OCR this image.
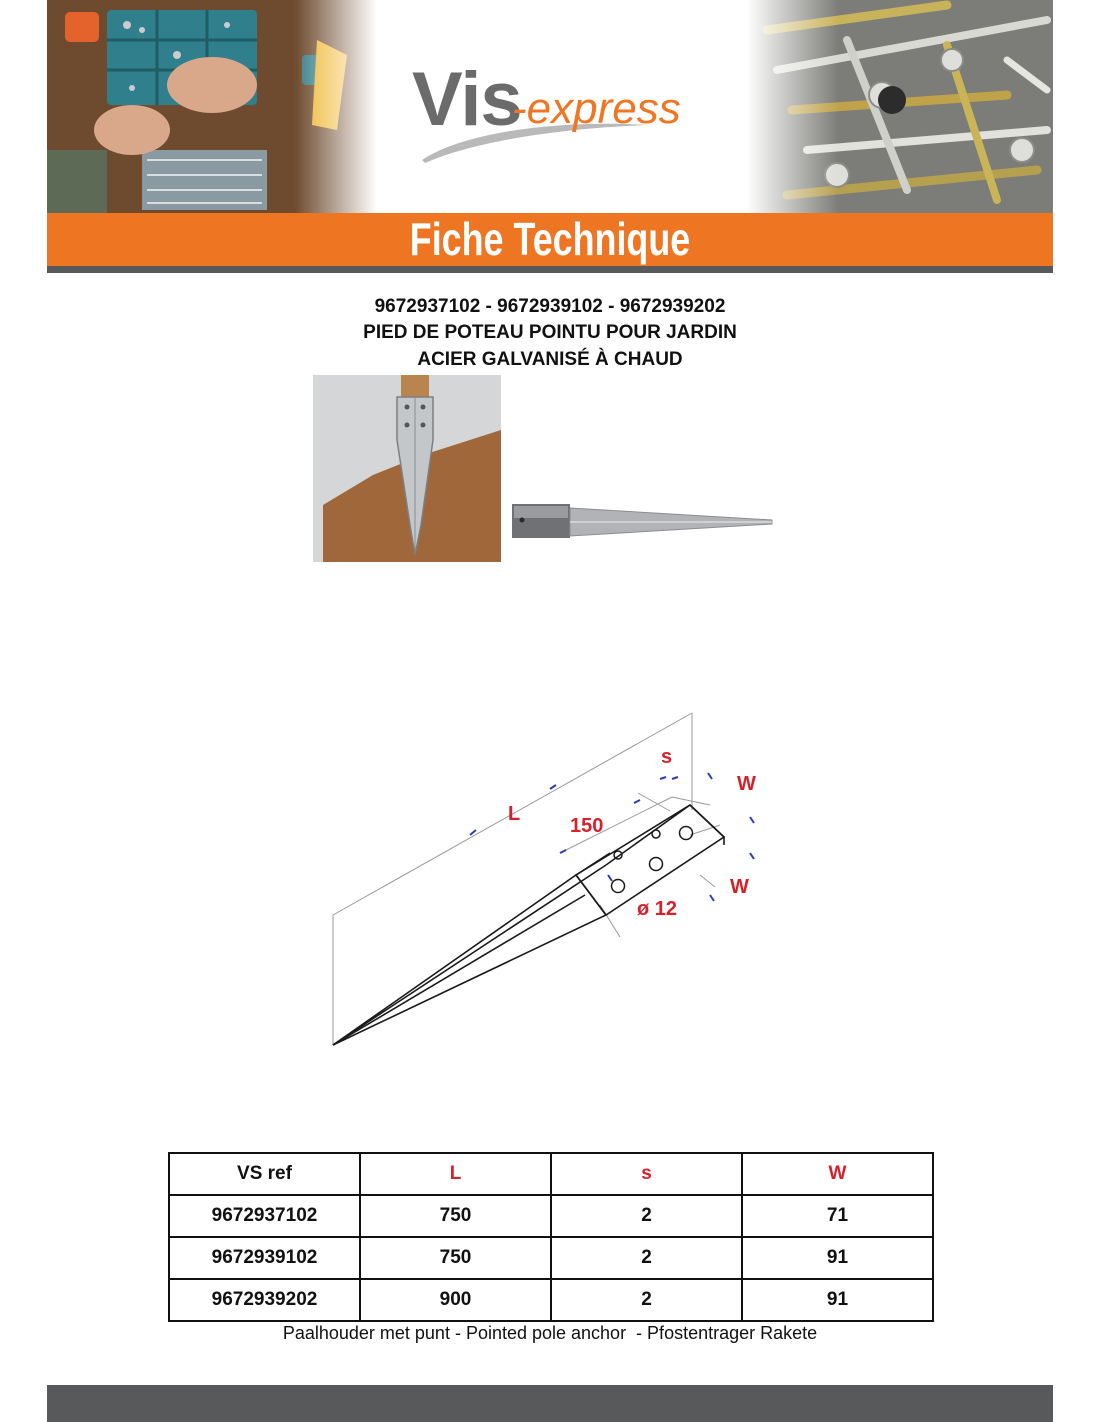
Vis
-express
Fiche Technique
9672937102 - 9672939102 - 9672939202
PIED DE POTEAU POINTU POUR JARDIN
ACIER GALVANISÉ À CHAUD
L
s
W
150
W
ø 12
VS ref	L	s	W
9672937102	750	2	71
9672939102	750	2	91
9672939202	900	2	91
Paalhouder met punt - Pointed pole anchor  - Pfostentrager Rakete
